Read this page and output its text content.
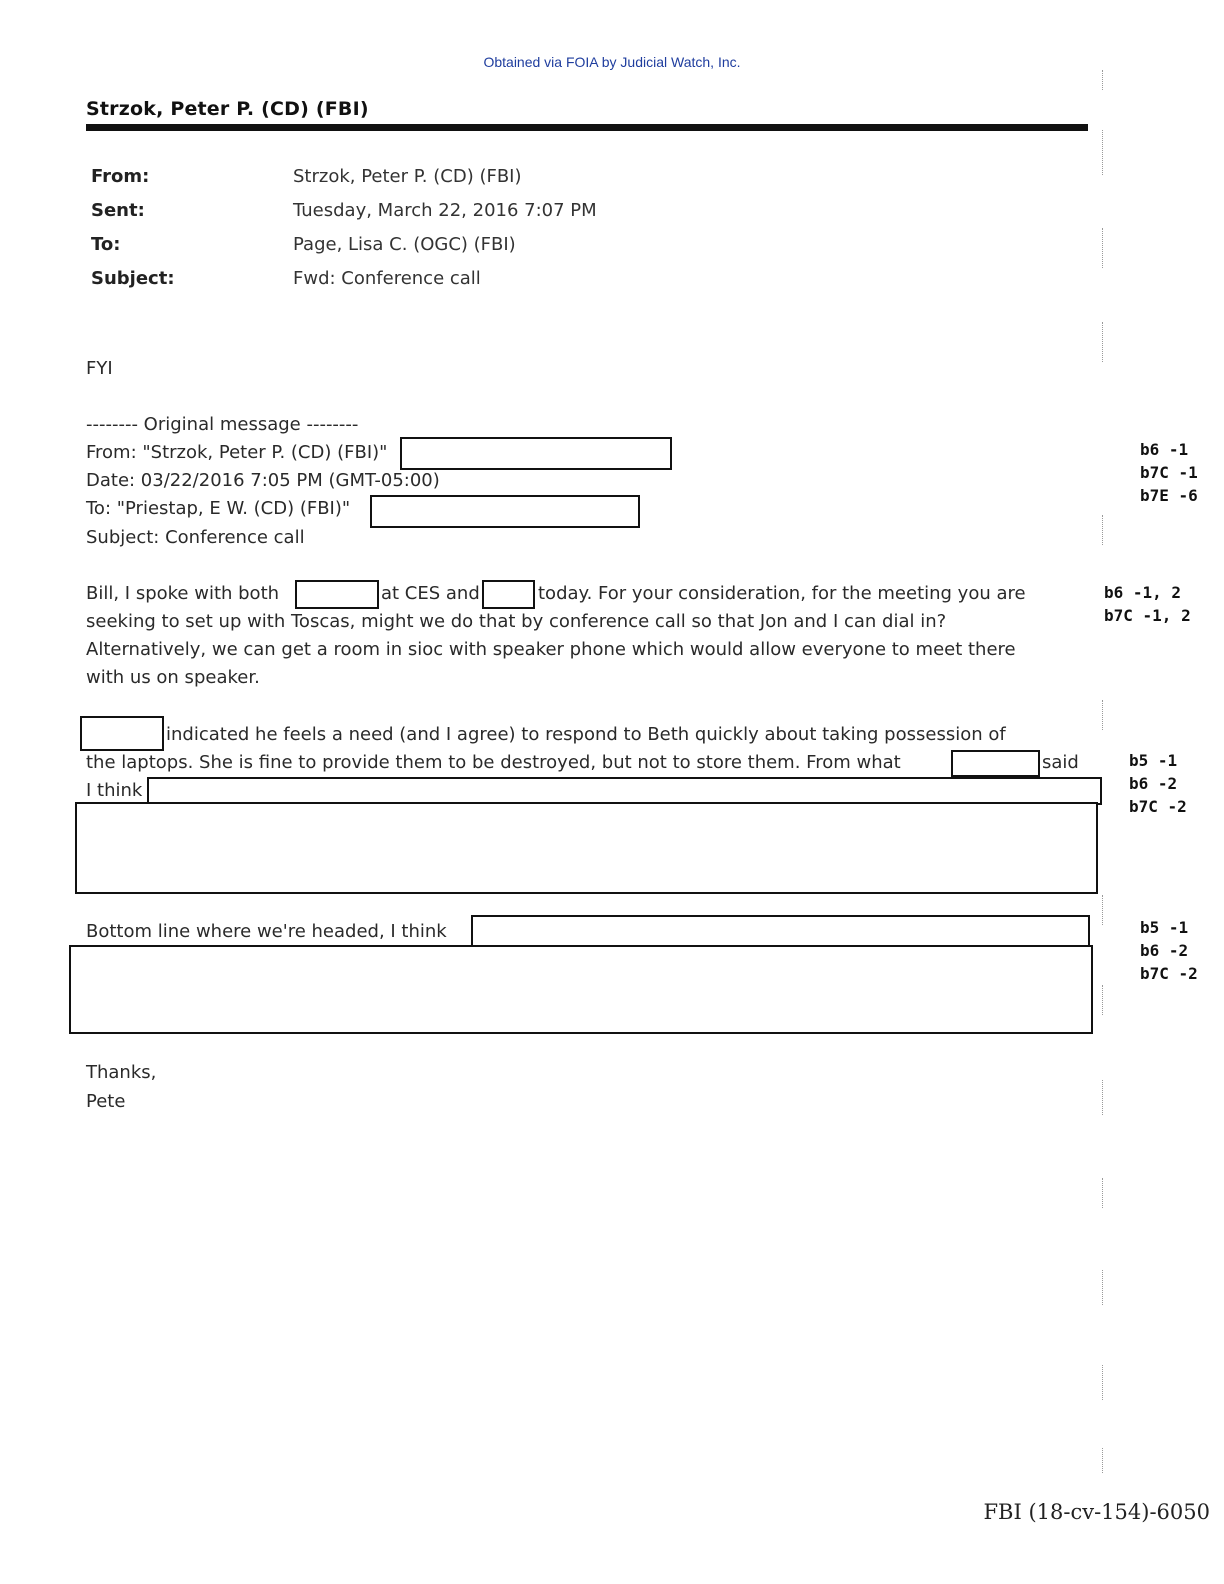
Obtained via FOIA by Judicial Watch, Inc.
Strzok, Peter P. (CD) (FBI)
From:	Strzok, Peter P. (CD) (FBI)
Sent:	Tuesday, March 22, 2016 7:07 PM
To:	Page, Lisa C. (OGC) (FBI)
Subject:	Fwd: Conference call
FYI
-------- Original message --------
From: "Strzok, Peter P. (CD) (FBI)"
Date: 03/22/2016 7:05 PM (GMT-05:00)
To: "Priestap, E W. (CD) (FBI)"
Subject: Conference call
Bill, I spoke with both	at CES and	today. For your consideration, for the meeting you are
seeking to set up with Toscas, might we do that by conference call so that Jon and I can dial in?
Alternatively, we can get a room in sioc with speaker phone which would allow everyone to meet there
with us on speaker.
indicated he feels a need (and I agree) to respond to Beth quickly about taking possession of
the laptops. She is fine to provide them to be destroyed, but not to store them. From what	said
I think
Bottom line where we're headed, I think
Thanks,
Pete
b6 -1
b7C -1
b7E -6
b6 -1, 2
b7C -1, 2
b5 -1
b6 -2
b7C -2
b5 -1
b6 -2
b7C -2
FBI (18-cv-154)-6050
